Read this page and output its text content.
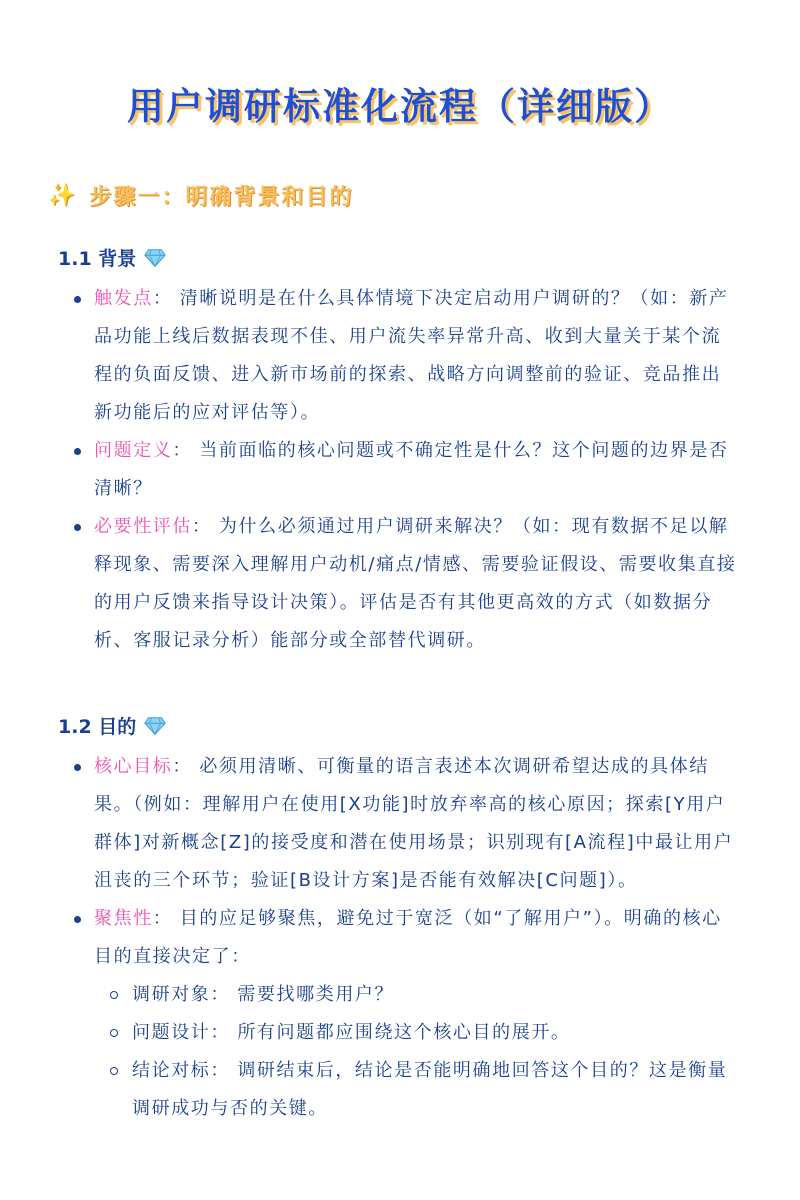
用户调研标准化流程（详细版）
✨ 步骤一：明确背景和目的
1.1 背景
触发点： 清晰说明是在什么具体情境下决定启动用户调研的？（如：新产品功能上线后数据表现不佳、用户流失率异常升高、收到大量关于某个流程的负面反馈、进入新市场前的探索、战略方向调整前的验证、竞品推出新功能后的应对评估等）。
问题定义： 当前面临的核心问题或不确定性是什么？这个问题的边界是否清晰？
必要性评估： 为什么必须通过用户调研来解决？（如：现有数据不足以解释现象、需要深入理解用户动机/痛点/情感、需要验证假设、需要收集直接的用户反馈来指导设计决策）。评估是否有其他更高效的方式（如数据分析、客服记录分析）能部分或全部替代调研。
1.2 目的
核心目标： 必须用清晰、可衡量的语言表述本次调研希望达成的具体结果。（例如：理解用户在使用[X功能]时放弃率高的核心原因；探索[Y用户群体]对新概念[Z]的接受度和潜在使用场景；识别现有[A流程]中最让用户沮丧的三个环节；验证[B设计方案]是否能有效解决[C问题]）。
聚焦性： 目的应足够聚焦，避免过于宽泛（如“了解用户”）。明确的核心目的直接决定了：
调研对象： 需要找哪类用户？
问题设计： 所有问题都应围绕这个核心目的展开。
结论对标： 调研结束后，结论是否能明确地回答这个目的？这是衡量调研成功与否的关键。
